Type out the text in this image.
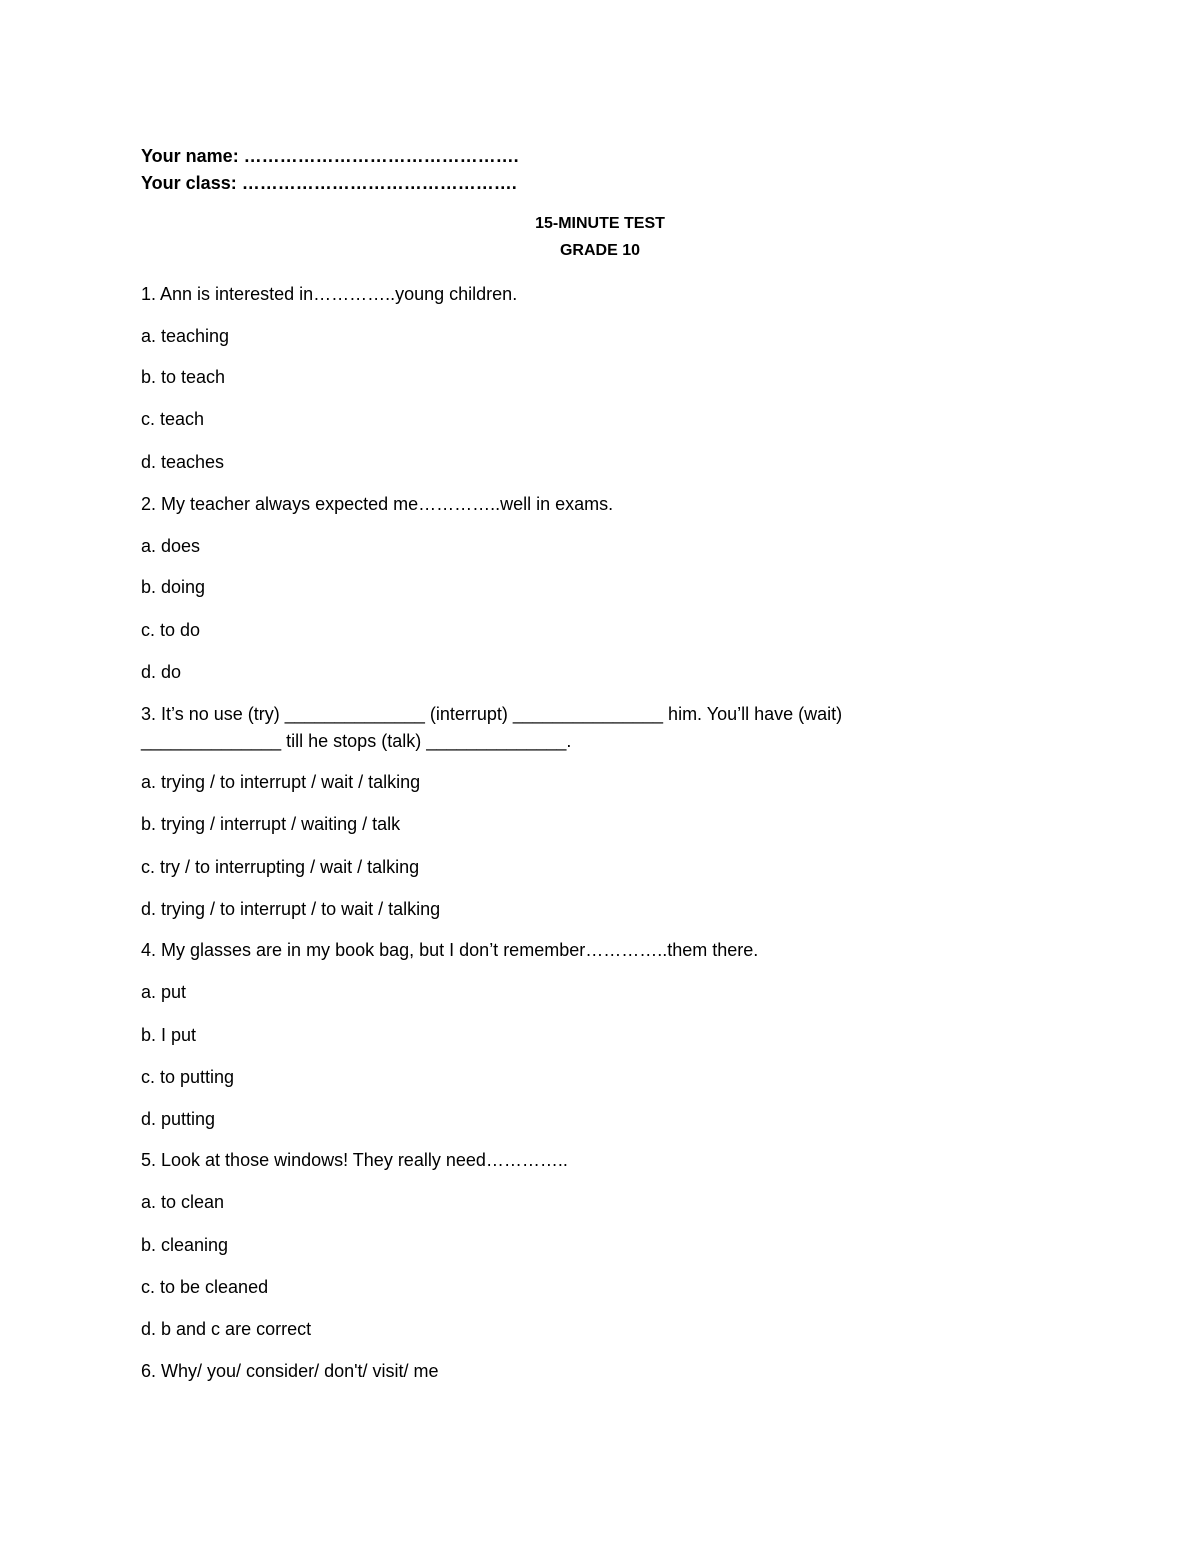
Your name: ……………………………………….
Your class: ……………………………………….
15-MINUTE TEST
GRADE 10
1. Ann is interested in…………..young children.
a. teaching
b. to teach
c. teach
d. teaches
2. My teacher always expected me…………..well in exams.
a. does
b. doing
c. to do
d. do
3. It’s no use (try) ______________ (interrupt) _______________ him. You’ll have (wait)
______________ till he stops (talk) ______________.
a. trying / to interrupt / wait / talking
b. trying / interrupt / waiting / talk
c. try / to interrupting / wait / talking
d. trying / to interrupt / to wait / talking
4. My glasses are in my book bag, but I don’t remember…………..them there.
a. put
b. I put
c. to putting
d. putting
5. Look at those windows! They really need…………..
a. to clean
b. cleaning
c. to be cleaned
d. b and c are correct
6. Why/ you/ consider/ don't/ visit/ me
